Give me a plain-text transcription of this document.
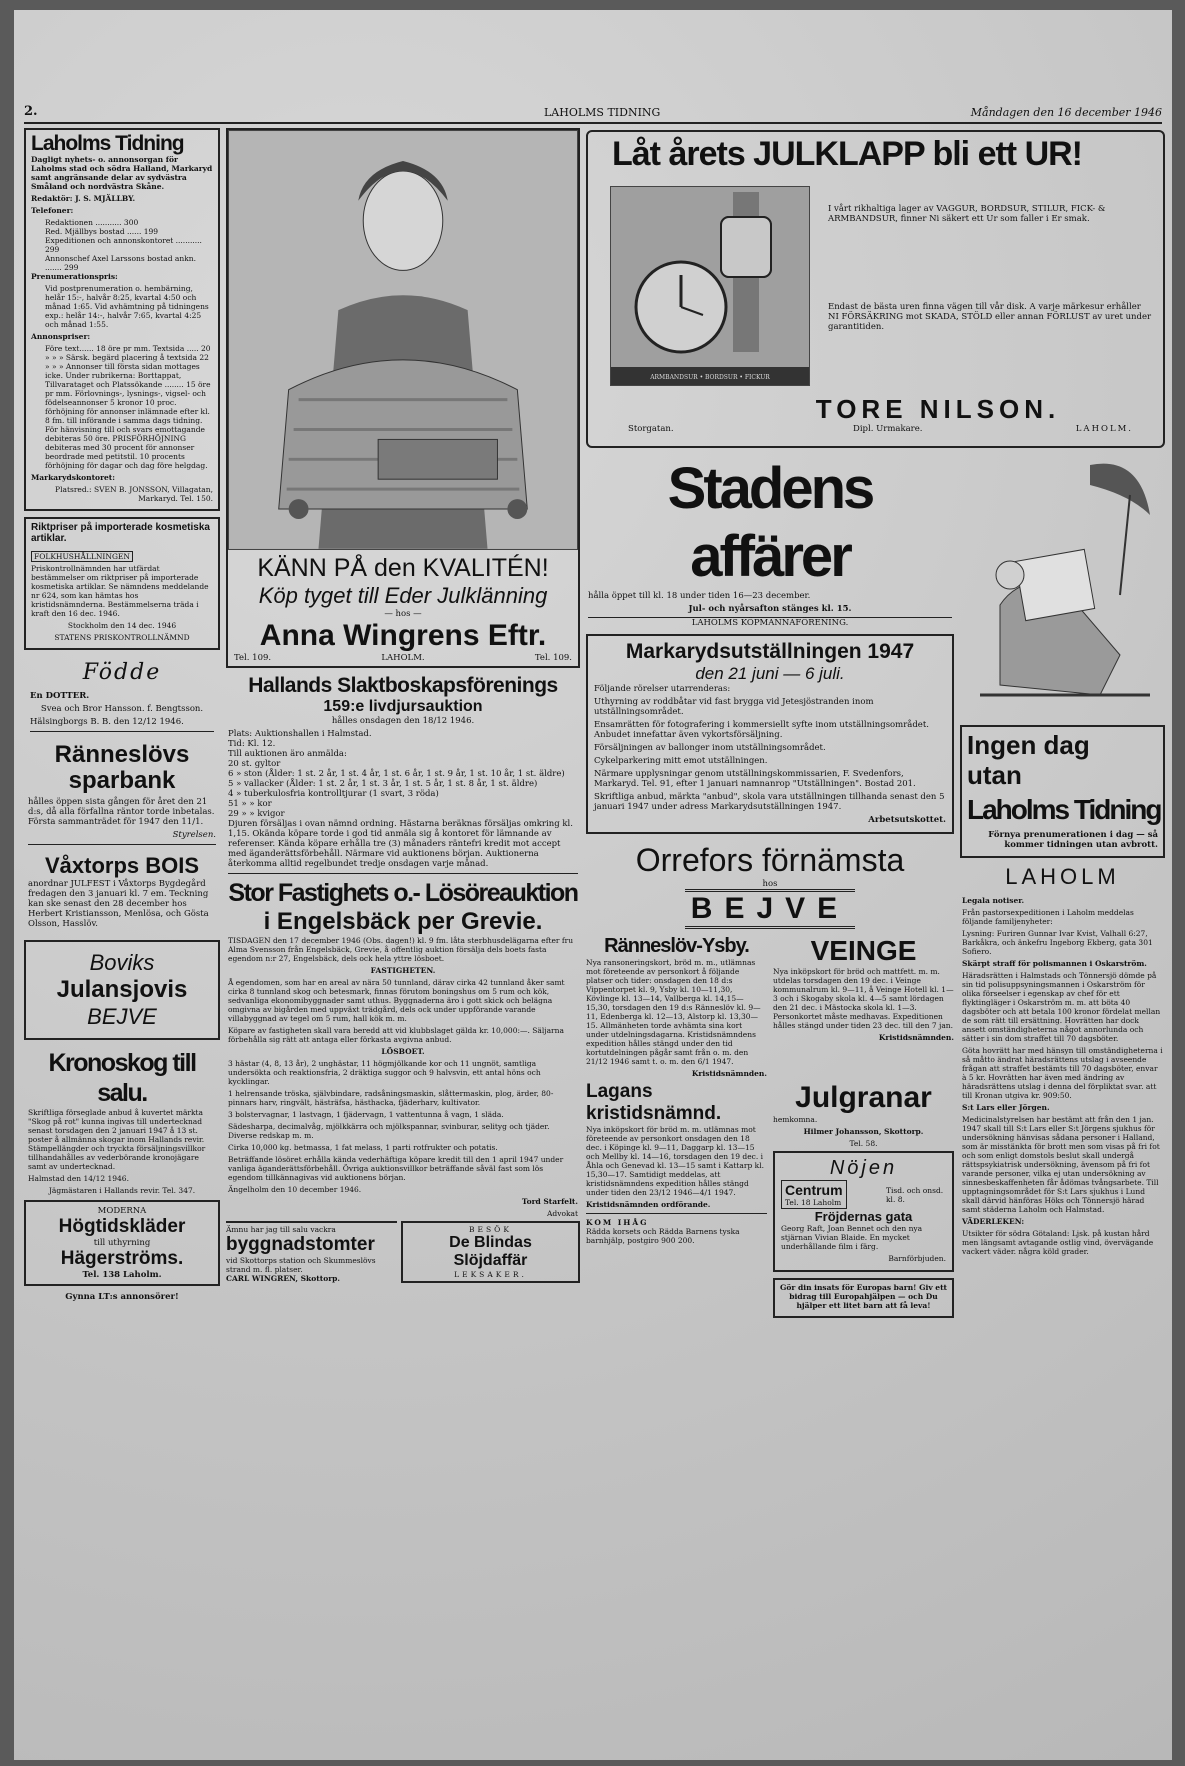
2.	LAHOLMS TIDNING	Måndagen den 16 december 1946
Laholms Tidning

Dagligt nyhets- o. annonsorgan för Laholms stad och södra Halland, Markaryd samt angränsande delar av sydvästra Småland och nordvästra Skåne.

Redaktör: J. S. MJÄLLBY.

Telefoner:

Redaktionen ........... 300
Red. Mjällbys bostad ...... 199
Expeditionen och annonskontoret ........... 299
Annonschef Axel Larssons bostad ankn. ....... 299

Prenumerationspris:

Vid postprenumeration o. hembärning, helår 15:-, halvår 8:25, kvartal 4:50 och månad 1:65. Vid avhämtning på tidningens exp.: helår 14:-, halvår 7:65, kvartal 4:25 och månad 1:55.

Annonspriser:

Före text...... 18 öre pr mm. Textsida ..... 20 » » » Särsk. begärd placering å textsida 22 » » » Annonser till första sidan mottages icke. Under rubrikerna: Borttappat, Tillvarataget och Platssökande ........ 15 öre pr mm. Förlovnings-, lysnings-, vigsel- och födelseannonser 5 kronor 10 proc. förhöjning för annonser inlämnade efter kl. 8 fm. till införande i samma dags tidning. För hänvisning till och svars emottagande debiteras 50 öre. PRISFÖRHÖJNING debiteras med 30 procent för annonser beordrade med petitstil. 10 procents förhöjning för dagar och dag före helgdag.

Markarydskontoret:

Platsred.: SVEN B. JONSSON, Villagatan, Markaryd. Tel. 150.

Riktpriser på importerade kosmetiska artiklar.
FOLKHUSHÅLLNINGEN

Priskontrollnämnden har utfärdat bestämmelser om riktpriser på importerade kosmetiska artiklar. Se nämndens meddelande nr 624, som kan hämtas hos kristidsnämnderna. Bestämmelserna träda i kraft den 16 dec. 1946.

Stockholm den 14 dec. 1946

STATENS PRISKONTROLLNÄMND

Födde

En DOTTER.

Svea och Bror Hansson. f. Bengtsson.

Hälsingborgs B. B. den 12/12 1946.

Ränneslövs
sparbank

hålles öppen sista gången för året den 21 d:s, då alla förfallna räntor torde inbetalas. Första sammanträdet för 1947 den 11/1.

Styrelsen.

Våxtorps BOIS

anordnar JULFEST i Våxtorps Bygdegård fredagen den 3 januari kl. 7 em. Teckning kan ske senast den 28 december hos Herbert Kristiansson, Menlösa, och Gösta Olsson, Hasslöv.

Boviks
Julansjovis
BEJVE
Kronoskog till salu.

Skriftliga förseglade anbud å kuvertet märkta "Skog på rot" kunna ingivas till undertecknad senast torsdagen den 2 januari 1947 å 13 st. poster å allmänna skogar inom Hallands revir. Stämpellängder och tryckta försäljningsvillkor tillhandahålles av vederbörande kronojägare samt av undertecknad.

Halmstad den 14/12 1946.

Jägmästaren i Hallands revir. Tel. 347.

MODERNA
Högtidskläder
till uthyrning
Hägerströms.
Tel. 138 Laholm.
Gynna LT:s annonsörer!
KÄNN PÅ den KVALITÉN!
Köp tyget till Eder Julklänning
— hos —
Anna Wingrens Eftr.
Tel. 109.	LAHOLM.	Tel. 109.
Hallands Slaktboskapsförenings
159:e livdjursauktion
hålles onsdagen den 18/12 1946.
Plats: Auktionshallen i Halmstad.
Tid: Kl. 12.
Till auktionen äro anmälda:
20 st. gyltor
6 » ston (Ålder: 1 st. 2 år, 1 st. 4 år, 1 st. 6 år, 1 st. 9 år, 1 st. 10 år, 1 st. äldre)
5 » vallacker (Ålder: 1 st. 2 år, 1 st. 3 år, 1 st. 5 år, 1 st. 8 år, 1 st. äldre)
4 » tuberkulosfria kontrolltjurar (1 svart, 3 röda)
51 » » kor
29 » » kvigor

Djuren försäljas i ovan nämnd ordning. Hästarna beräknas försäljas omkring kl. 1,15. Okända köpare torde i god tid anmäla sig å kontoret för lämnande av referenser. Kända köpare erhålla tre (3) månaders räntefri kredit mot accept med äganderättsförbehåll. Närmare vid auktionens början. Auktionerna återkomma alltid regelbundet tredje onsdagen varje månad.

Stor Fastighets o.- Lösöreauktion
i Engelsbäck per Grevie.

TISDAGEN den 17 december 1946 (Obs. dagen!) kl. 9 fm. låta sterbhusdelägarna efter fru Alma Svensson från Engelsbäck, Grevie, å offentlig auktion försälja dels boets fasta egendom n:r 27, Engelsbäck, dels ock hela yttre lösboet.

FASTIGHETEN.

Å egendomen, som har en areal av nära 50 tunnland, därav cirka 42 tunnland åker samt cirka 8 tunnland skog och betesmark, finnas förutom boningshus om 5 rum och kök, sedvanliga ekonomibyggnader samt uthus. Byggnaderna äro i gott skick och belägna omgivna av bigården med uppväxt trädgård, dels ock under uppförande varande villabyggnad av tegel om 5 rum, hall kök m. m.

Köpare av fastigheten skall vara beredd att vid klubbslaget gälda kr. 10,000:—. Säljarna förbehålla sig rätt att antaga eller förkasta avgivna anbud.

LÖSBOET.

3 hästar (4, 8, 13 år), 2 unghästar, 11 högmjölkande kor och 11 ungnöt, samtliga undersökta och reaktionsfria, 2 dräktiga suggor och 9 halvsvin, ett antal höns och kycklingar.

1 helrensande tröska, självbindare, radsåningsmaskin, slåttermaskin, plog, ärder, 80-pinnars harv, ringvält, hästräfsa, hästhacka, fjäderharv, kultivator.

3 bolstervagnar, 1 lastvagn, 1 fjädervagn, 1 vattentunna å vagn, 1 släda.

Sädesharpa, decimalvåg, mjölkkärra och mjölkspannar, svinburar, selityg och tjäder. Diverse redskap m. m.

Cirka 10,000 kg. betmassa, 1 fat melass, 1 parti rotfrukter och potatis.

Beträffande lösöret erhålla kända vederhäftiga köpare kredit till den 1 april 1947 under vanliga äganderättsförbehåll. Övriga auktionsvillkor beträffande såväl fast som lös egendom tillkännagivas vid auktionens början.

Ängelholm den 10 december 1946.

Tord Starfelt.

Advokat

Ämnu har jag till salu vackra
byggnadstomter
vid Skottorps station och Skummeslövs strand m. fl. platser.
CARL WINGREN, Skottorp.
BESÖK
De Blindas
Slöjdaffär
LEKSAKER.
Låt årets JULKLAPP bli ett UR!
ARMBANDSUR • BORDSUR • FICKUR

I vårt rikhaltiga lager av VAGGUR, BORDSUR, STILUR, FICK- & ARMBANDSUR, finner Ni säkert ett Ur som faller i Er smak.

Endast de bästa uren finna vägen till vår disk. A varje märkesur erhåller NI FÖRSÄKRING mot SKADA, STÖLD eller annan FÖRLUST av uret under garantitiden.

TORE NILSON.
Storgatan.	Dipl. Urmakare.	LAHOLM.
Stadens affärer

hålla öppet till kl. 18 under tiden 16—23 december.

Jul- och nyårsafton stänges kl. 15.

LAHOLMS KÖPMANNAFÖRENING.

Markarydsutställningen 1947
den 21 juni — 6 juli.

Följande rörelser utarrenderas:

Uthyrning av roddbåtar vid fast brygga vid Jetesjöstranden inom utställningsområdet.

Ensamrätten för fotografering i kommersiellt syfte inom utställningsområdet. Anbudet innefattar även vykortsförsäljning.

Försäljningen av ballonger inom utställningsområdet.

Cykelparkering mitt emot utställningen.

Närmare upplysningar genom utställningskommissarien, F. Svedenfors, Markaryd. Tel. 91, efter 1 januari namnanrop "Utställningen". Bostad 201.

Skriftliga anbud, märkta "anbud", skola vara utställningen tillhanda senast den 5 januari 1947 under adress Markarydsutställningen 1947.

Arbetsutskottet.

Orrefors förnämsta
hos
BEJVE
Ränneslöv-Ysby.

Nya ransoneringskort, bröd m. m., utlämnas mot företeende av personkort å följande platser och tider: onsdagen den 18 d:s Vippentorpet kl. 9, Ysby kl. 10—11,30, Kövlinge kl. 13—14, Vallberga kl. 14,15—15,30, torsdagen den 19 d:s Ränneslöv kl. 9—11, Edenberga kl. 12—13, Alstorp kl. 13,30—15. Allmänheten torde avhämta sina kort under utdelningsdagarna. Kristidsnämndens expedition hålles stängd under den tid kortutdelningen pågår samt från o. m. den 21/12 1946 samt t. o. m. den 6/1 1947.

Kristidsnämnden.

VEINGE

Nya inköpskort för bröd och mattfett. m. m. utdelas torsdagen den 19 dec. i Veinge kommunalrum kl. 9—11, å Veinge Hotell kl. 1—3 och i Skogaby skola kl. 4—5 samt lördagen den 21 dec. i Mästocka skola kl. 1—3. Personkortet måste medhavas. Expeditionen hålles stängd under tiden 23 dec. till den 7 jan.

Kristidsnämnden.

Lagans
kristidsnämnd.

Nya inköpskort för bröd m. m. utlämnas mot företeende av personkort onsdagen den 18 dec. i Köpinge kl. 9—11, Daggarp kl. 13—15 och Mellby kl. 14—16, torsdagen den 19 dec. i Åhla och Genevad kl. 13—15 samt i Kattarp kl. 15,30—17. Samtidigt meddelas, att kristidsnämndens expedition hålles stängd under tiden den 23/12 1946—4/1 1947.

Kristidsnämnden ordförande.

KOM IHÅG

Rädda korsets och Rädda Barnens tyska barnhjälp, postgiro 900 200.

Julgranar

hemkomna.

Hilmer Johansson, Skottorp.

Tel. 58.

Nöjen
Centrum
Tel. 18 Laholm
Tisd. och onsd. kl. 8.
Fröjdernas gata

Georg Raft, Joan Bennet och den nya stjärnan Vivian Blaide. En mycket underhållande film i färg.

Barnförbjuden.

Gör din insats för Europas barn! Giv ett bidrag till Europahjälpen — och Du hjälper ett litet barn att få leva!

Ingen dag
utan
Laholms Tidning

Förnya prenumerationen i dag — så kommer tidningen utan avbrott.

LAHOLM

Legala notiser.

Från pastorsexpeditionen i Laholm meddelas följande familjenyheter:

Lysning: Furiren Gunnar Ivar Kvist, Valhall 6:27, Barkåkra, och änkefru Ingeborg Ekberg, gata 301 Sofiero.

Skärpt straff för polismannen i Oskarström.

Häradsrätten i Halmstads och Tönnersjö dömde på sin tid polisuppsyningsmannen i Oskarström för olika förseelser i egenskap av chef för ett flyktingläger i Oskarström m. m. att böta 40 dagsböter och att betala 100 kronor fördelat mellan de som rätt till ersättning. Hovrätten har dock ansett omständigheterna något annorlunda och sätter i sin dom straffet till 70 dagsböter.

Göta hovrätt har med hänsyn till omständigheterna i så måtto ändrat häradsrättens utslag i avseende frågan att straffet bestämts till 70 dagsböter, envar à 5 kr. Hovrätten har även med ändring av häradsrättens utslag i denna del förpliktat svar. att till Kronan utgiva kr. 909:50.

S:t Lars eller Jörgen.

Medicinalstyrelsen har bestämt att från den 1 jan. 1947 skall till S:t Lars eller S:t Jörgens sjukhus för undersökning hänvisas sådana personer i Halland, som är misstänkta för brott men som visas på fri fot och som enligt domstols beslut skall undergå rättspsykiatrisk undersökning, ävensom på fri fot varande personer, vilka ej utan undersökning av sinnesbeskaffenheten får ådömas tvångsarbete. Till upptagningsområdet för S:t Lars sjukhus i Lund skall därvid hänföras Höks och Tönnersjö härad samt städerna Laholm och Halmstad.

VÄDERLEKEN:

Utsikter för södra Götaland: Ljsk. på kustan hård men längsamt avtagande ostlig vind, övervägande vackert väder. några köld grader.
